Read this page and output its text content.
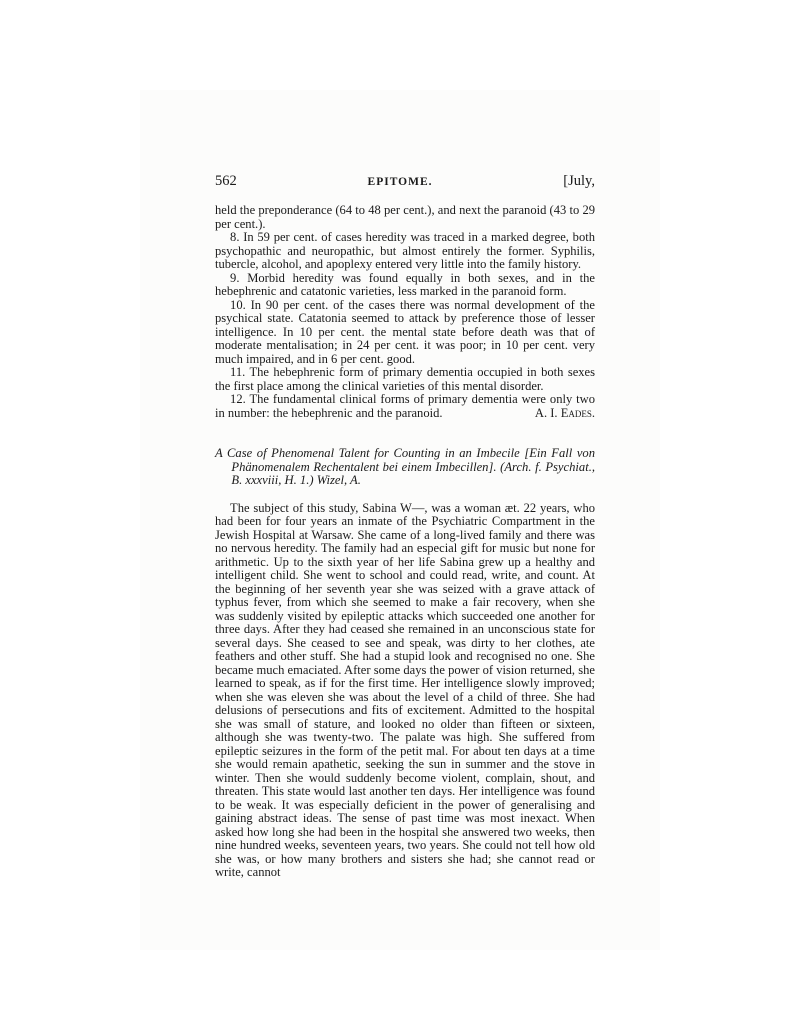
562	EPITOME.	[July,

held the preponderance (64 to 48 per cent.), and next the paranoid (43 to 29 per cent.).

8. In 59 per cent. of cases heredity was traced in a marked degree, both psychopathic and neuropathic, but almost entirely the former. Syphilis, tubercle, alcohol, and apoplexy entered very little into the family history.

9. Morbid heredity was found equally in both sexes, and in the hebephrenic and catatonic varieties, less marked in the paranoid form.

10. In 90 per cent. of the cases there was normal development of the psychical state. Catatonia seemed to attack by preference those of lesser intelligence. In 10 per cent. the mental state before death was that of moderate mentalisation; in 24 per cent. it was poor; in 10 per cent. very much impaired, and in 6 per cent. good.

11. The hebephrenic form of primary dementia occupied in both sexes the first place among the clinical varieties of this mental disorder.

12. The fundamental clinical forms of primary dementia were only two in number: the hebephrenic and the paranoid.	A. I. Eades.

A Case of Phenomenal Talent for Counting in an Imbecile [Ein Fall von Phänomenalem Rechentalent bei einem Imbecillen]. (Arch. f. Psychiat., B. xxxviii, H. 1.) Wizel, A.

The subject of this study, Sabina W—, was a woman æt. 22 years, who had been for four years an inmate of the Psychiatric Compartment in the Jewish Hospital at Warsaw. She came of a long-lived family and there was no nervous heredity. The family had an especial gift for music but none for arithmetic. Up to the sixth year of her life Sabina grew up a healthy and intelligent child. She went to school and could read, write, and count. At the beginning of her seventh year she was seized with a grave attack of typhus fever, from which she seemed to make a fair recovery, when she was suddenly visited by epileptic attacks which succeeded one another for three days. After they had ceased she remained in an unconscious state for several days. She ceased to see and speak, was dirty to her clothes, ate feathers and other stuff. She had a stupid look and recognised no one. She became much emaciated. After some days the power of vision returned, she learned to speak, as if for the first time. Her intelligence slowly improved; when she was eleven she was about the level of a child of three. She had delusions of persecutions and fits of excitement. Admitted to the hospital she was small of stature, and looked no older than fifteen or sixteen, although she was twenty-two. The palate was high. She suffered from epileptic seizures in the form of the petit mal. For about ten days at a time she would remain apathetic, seeking the sun in summer and the stove in winter. Then she would suddenly become violent, complain, shout, and threaten. This state would last another ten days. Her intelligence was found to be weak. It was especially deficient in the power of generalising and gaining abstract ideas. The sense of past time was most inexact. When asked how long she had been in the hospital she answered two weeks, then nine hundred weeks, seventeen years, two years. She could not tell how old she was, or how many brothers and sisters she had; she cannot read or write, cannot
